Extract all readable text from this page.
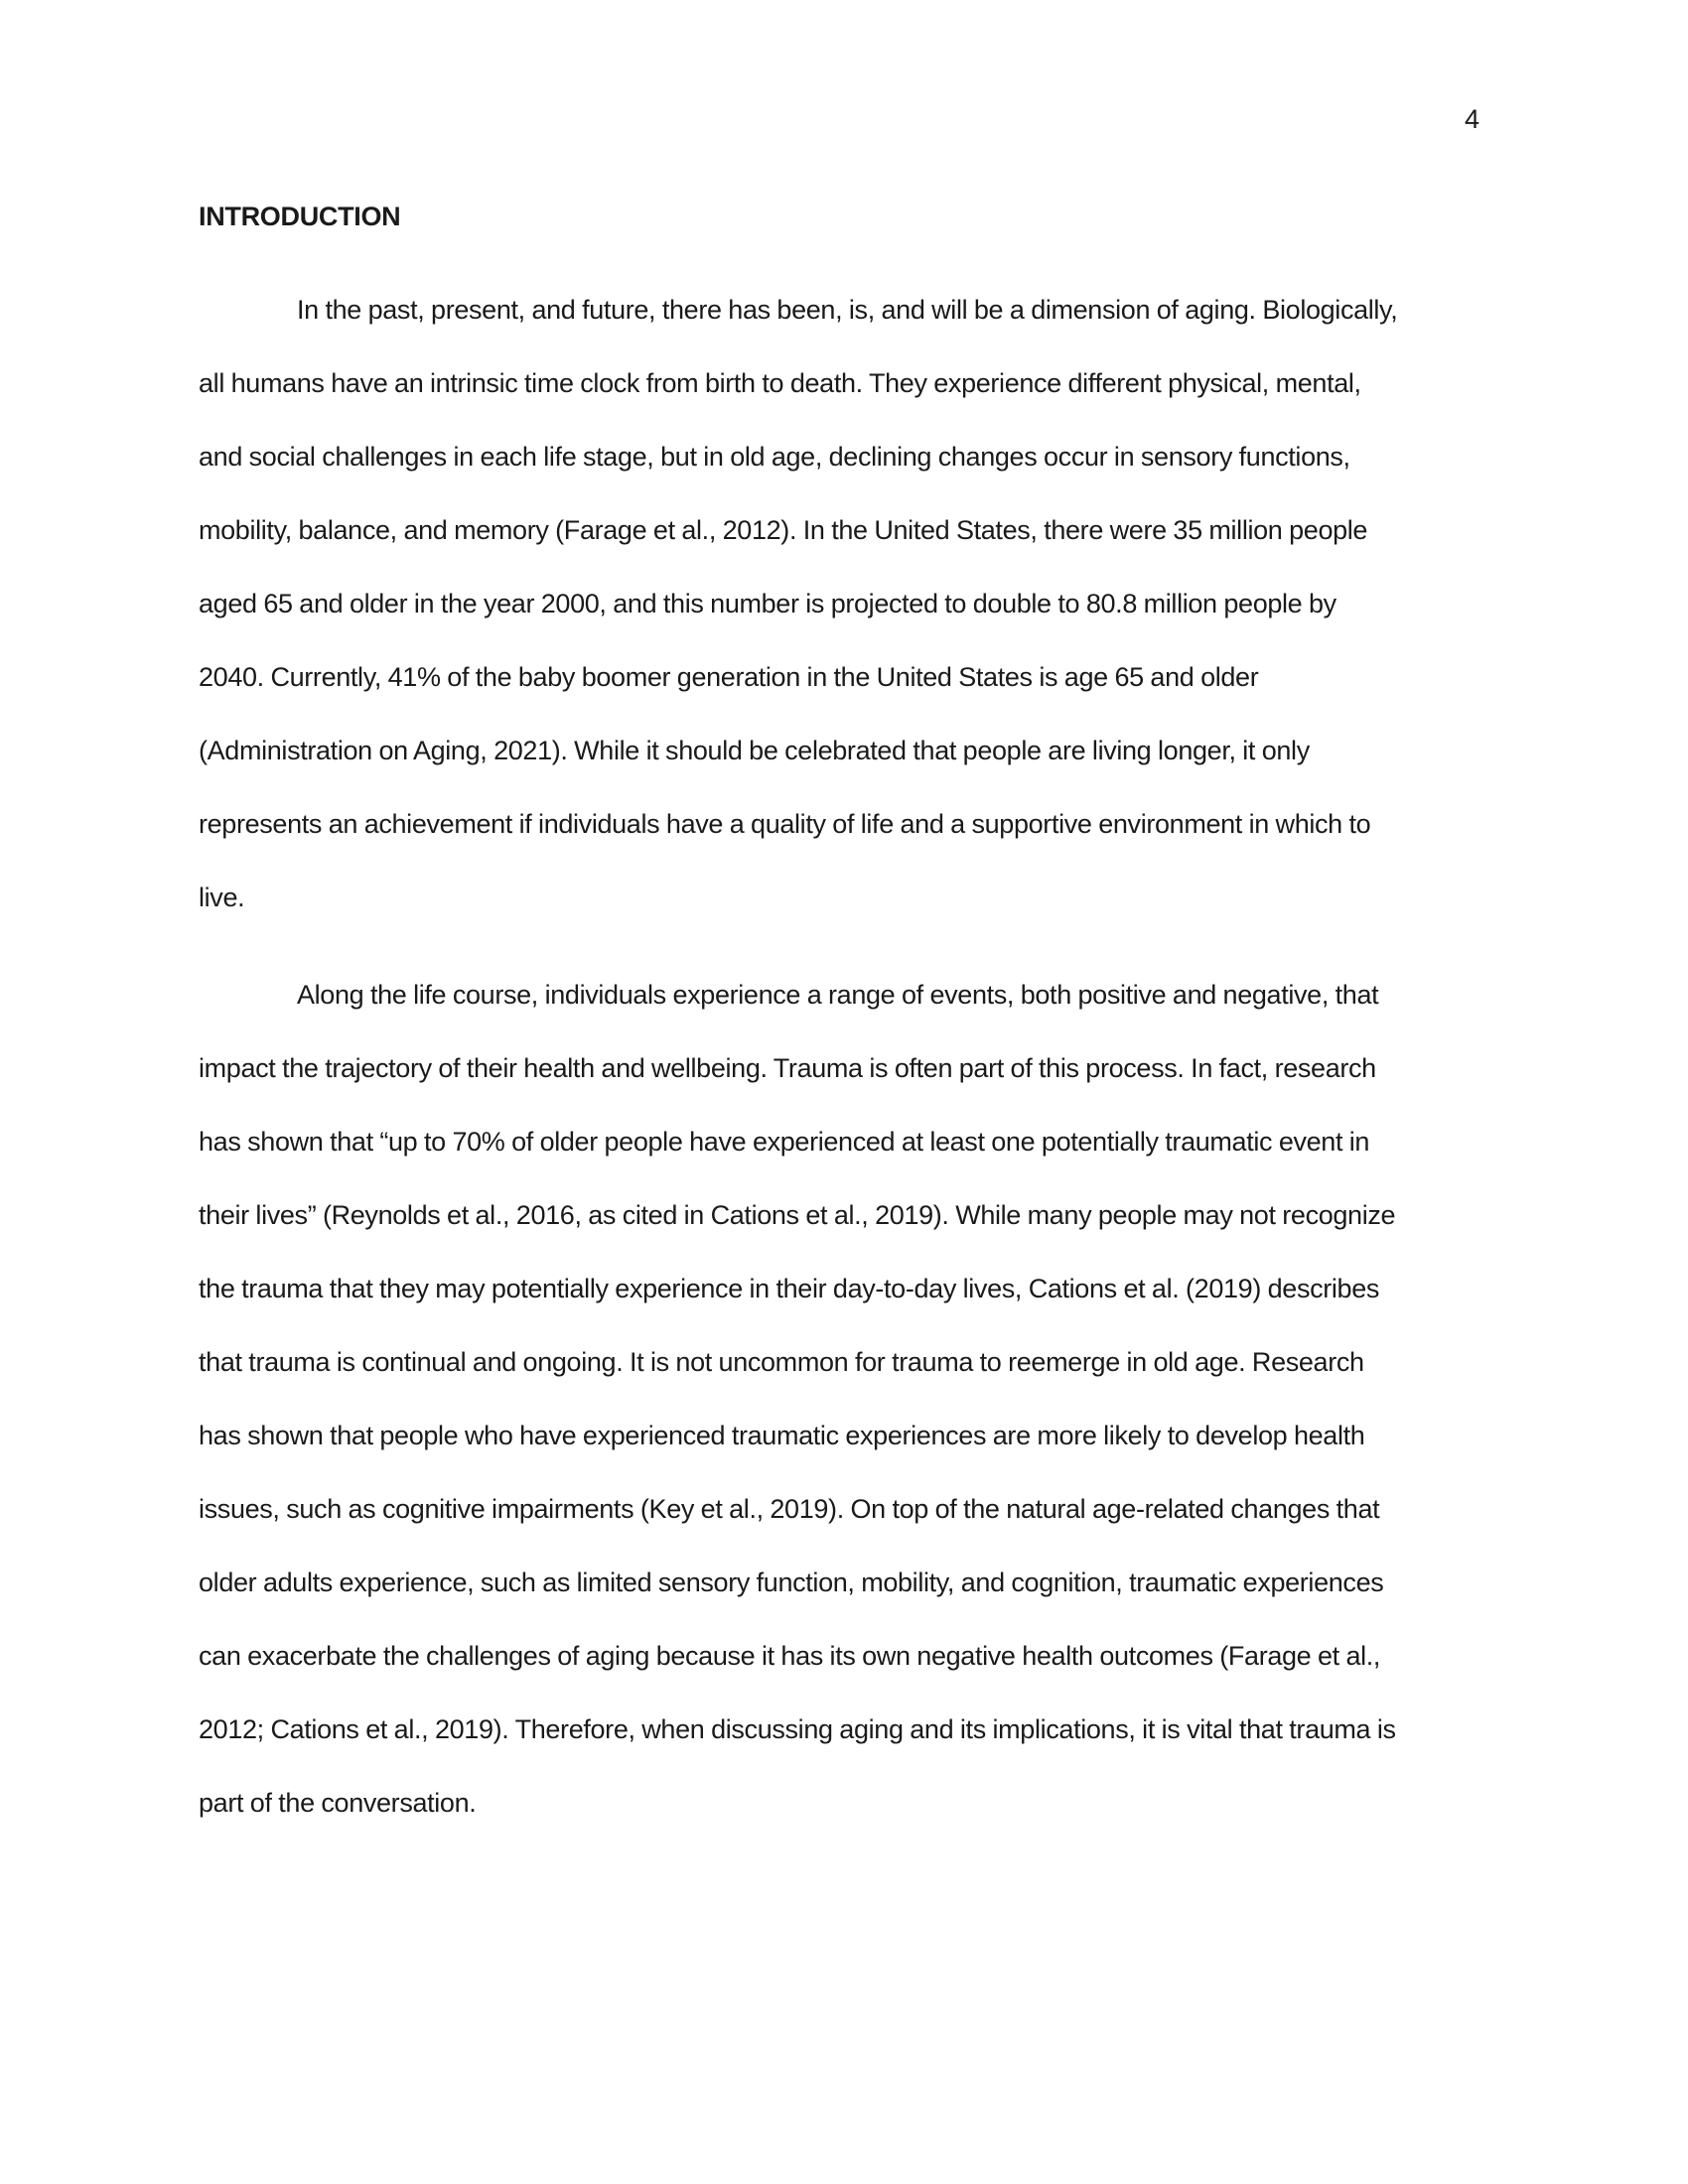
4
INTRODUCTION
In the past, present, and future, there has been, is, and will be a dimension of aging. Biologically,
all humans have an intrinsic time clock from birth to death. They experience different physical, mental,
and social challenges in each life stage, but in old age, declining changes occur in sensory functions,
mobility, balance, and memory (Farage et al., 2012). In the United States, there were 35 million people
aged 65 and older in the year 2000, and this number is projected to double to 80.8 million people by
2040. Currently, 41% of the baby boomer generation in the United States is age 65 and older
(Administration on Aging, 2021). While it should be celebrated that people are living longer, it only
represents an achievement if individuals have a quality of life and a supportive environment in which to
live.
Along the life course, individuals experience a range of events, both positive and negative, that
impact the trajectory of their health and wellbeing. Trauma is often part of this process. In fact, research
has shown that “up to 70% of older people have experienced at least one potentially traumatic event in
their lives” (Reynolds et al., 2016, as cited in Cations et al., 2019). While many people may not recognize
the trauma that they may potentially experience in their day-to-day lives, Cations et al. (2019) describes
that trauma is continual and ongoing. It is not uncommon for trauma to reemerge in old age. Research
has shown that people who have experienced traumatic experiences are more likely to develop health
issues, such as cognitive impairments (Key et al., 2019). On top of the natural age-related changes that
older adults experience, such as limited sensory function, mobility, and cognition, traumatic experiences
can exacerbate the challenges of aging because it has its own negative health outcomes (Farage et al.,
2012; Cations et al., 2019). Therefore, when discussing aging and its implications, it is vital that trauma is
part of the conversation.
